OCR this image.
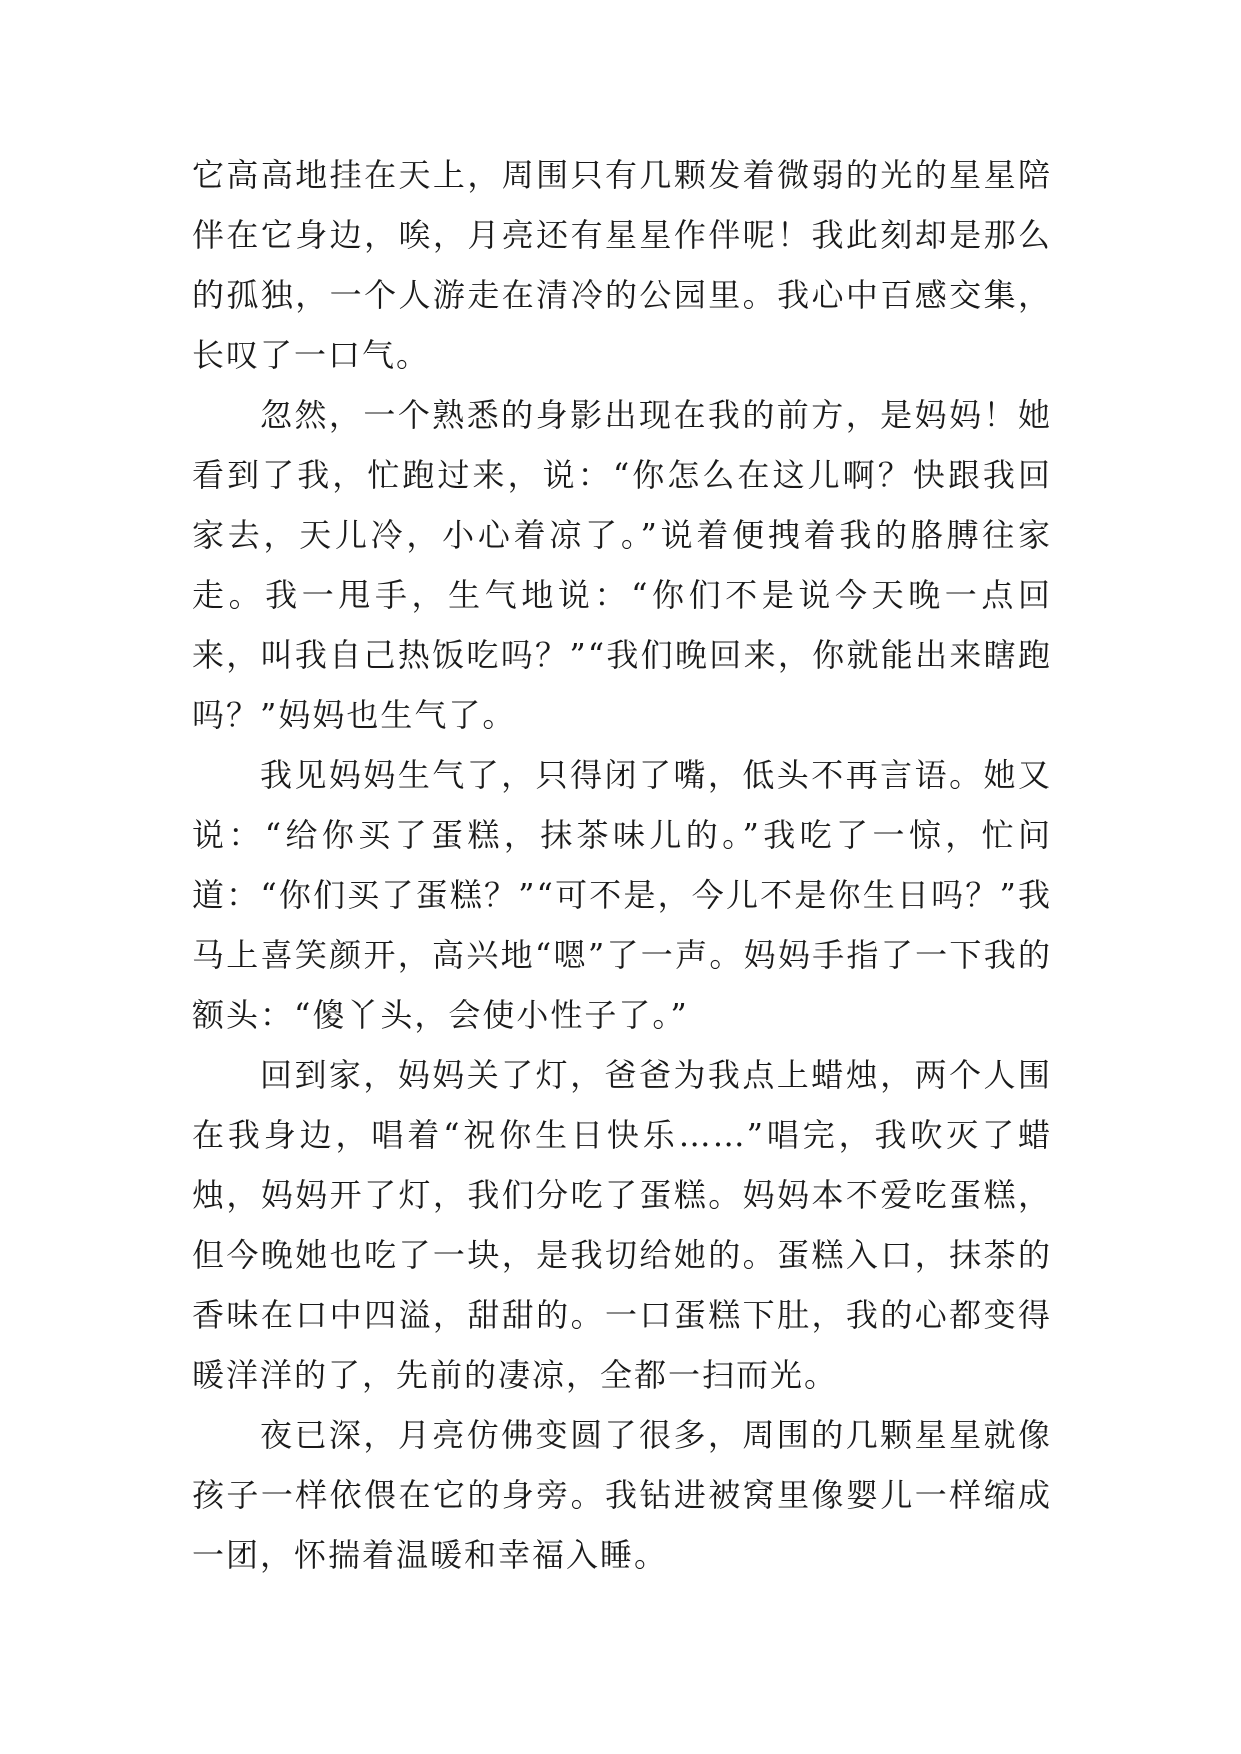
它高高地挂在天上，周围只有几颗发着微弱的光的星星陪伴在它身边，唉，月亮还有星星作伴呢！我此刻却是那么的孤独，一个人游走在清冷的公园里。我心中百感交集，长叹了一口气。

忽然，一个熟悉的身影出现在我的前方，是妈妈！她看到了我，忙跑过来，说：“你怎么在这儿啊？快跟我回家去，天儿冷，小心着凉了。”说着便拽着我的胳膊往家走。我一甩手，生气地说：“你们不是说今天晚一点回来，叫我自己热饭吃吗？”“我们晚回来，你就能出来瞎跑吗？”妈妈也生气了。

我见妈妈生气了，只得闭了嘴，低头不再言语。她又说：“给你买了蛋糕，抹茶味儿的。”我吃了一惊，忙问道：“你们买了蛋糕？”“可不是，今儿不是你生日吗？”我马上喜笑颜开，高兴地“嗯”了一声。妈妈手指了一下我的额头：“傻丫头，会使小性子了。”

回到家，妈妈关了灯，爸爸为我点上蜡烛，两个人围在我身边，唱着“祝你生日快乐……”唱完，我吹灭了蜡烛，妈妈开了灯，我们分吃了蛋糕。妈妈本不爱吃蛋糕，但今晚她也吃了一块，是我切给她的。蛋糕入口，抹茶的香味在口中四溢，甜甜的。一口蛋糕下肚，我的心都变得暖洋洋的了，先前的凄凉，全都一扫而光。

夜已深，月亮仿佛变圆了很多，周围的几颗星星就像孩子一样依偎在它的身旁。我钻进被窝里像婴儿一样缩成一团，怀揣着温暖和幸福入睡。
